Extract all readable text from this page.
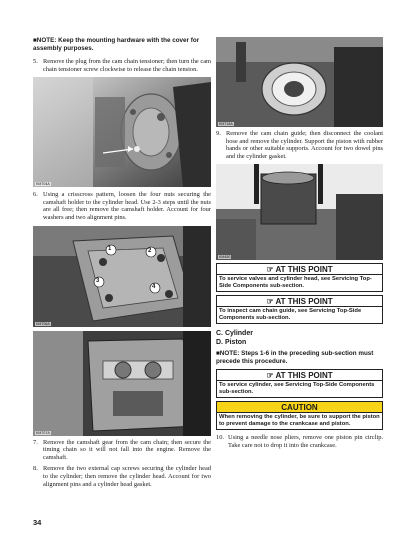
■NOTE: Keep the mounting hardware with the cover for assembly purposes.
5. Remove the plug from the cam chain tensioner; then turn the cam chain tensioner screw clockwise to release the chain tension.
KM704A
6. Using a crisscross pattern, loosen the four nuts securing the camshaft holder to the cylinder head. Use 2-3 steps until the nuts are all free; then remove the camshaft holder. Account for four washers and two alignment pins.
1	2
3
4
KM706A
KM707A
7. Remove the camshaft gear from the cam chain; then secure the timing chain so it will not fall into the engine. Remove the camshaft.
8. Remove the two external cap screws securing the cylinder head to the cylinder; then remove the cylinder head. Account for two alignment pins and a cylinder head gasket.
KM718A
9. Remove the cam chain guide; then disconnect the coolant hose and remove the cylinder. Support the piston with rubber bands or other suitable supports. Account for two dowel pins and the cylinder gasket.
KM450
☞ AT THIS POINT
To service valves and cylinder head, see Servicing Top-Side Components sub-section.
☞ AT THIS POINT
To inspect cam chain guide, see Servicing Top-Side Components sub-section.
C. Cylinder
D. Piston
■NOTE: Steps 1-6 in the preceding sub-section must precede this procedure.
☞ AT THIS POINT
To service cylinder, see Servicing Top-Side Components sub-section.
CAUTION
When removing the cylinder, be sure to support the piston to prevent damage to the crankcase and piston.
10. Using a needle nose pliers, remove one piston pin circlip. Take care not to drop it into the crankcase.
34
